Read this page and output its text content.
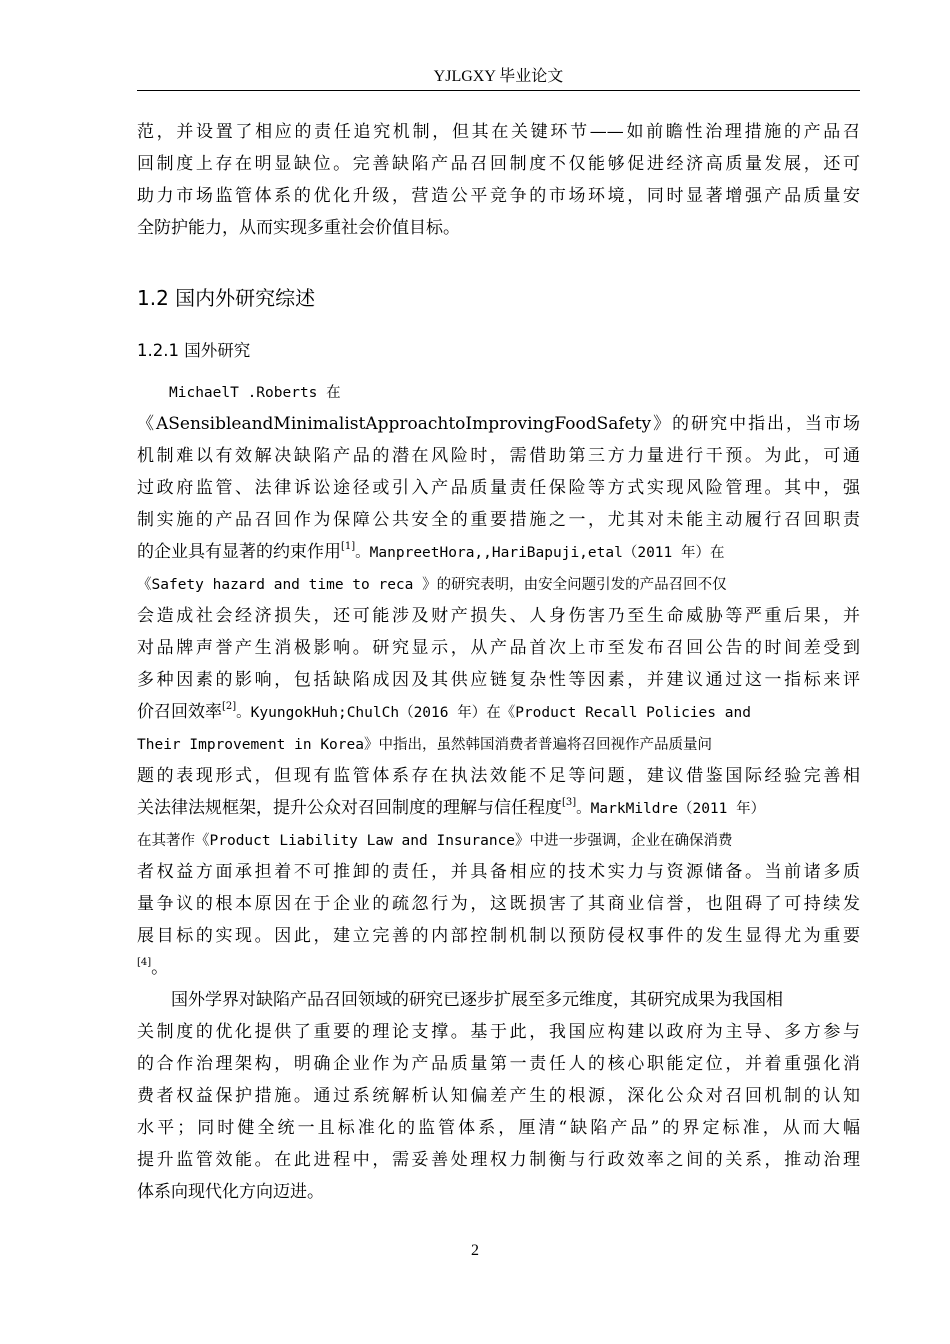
YJLGXY 毕业论文
范，并设置了相应的责任追究机制，但其在关键环节——如前瞻性治理措施的产品召
回制度上存在明显缺位。完善缺陷产品召回制度不仅能够促进经济高质量发展，还可
助力市场监管体系的优化升级，营造公平竞争的市场环境，同时显著增强产品质量安
全防护能力，从而实现多重社会价值目标。
1.2 国内外研究综述
1.2.1 国外研究
MichaelT .Roberts 在
《ASensibleandMinimalistApproachtoImprovingFoodSafety》的研究中指出，当市场
机制难以有效解决缺陷产品的潜在风险时，需借助第三方力量进行干预。为此，可通
过政府监管、法律诉讼途径或引入产品质量责任保险等方式实现风险管理。其中，强
制实施的产品召回作为保障公共安全的重要措施之一，尤其对未能主动履行召回职责
的企业具有显著的约束作用[1]。ManpreetHora,,HariBapuji,etal（2011 年）在
《Safety hazard and time to reca 》的研究表明，由安全问题引发的产品召回不仅
会造成社会经济损失，还可能涉及财产损失、人身伤害乃至生命威胁等严重后果，并
对品牌声誉产生消极影响。研究显示，从产品首次上市至发布召回公告的时间差受到
多种因素的影响，包括缺陷成因及其供应链复杂性等因素，并建议通过这一指标来评
价召回效率[2]。KyungokHuh;ChulCh（2016 年）在《Product Recall Policies and
Their Improvement in Korea》中指出，虽然韩国消费者普遍将召回视作产品质量问
题的表现形式，但现有监管体系存在执法效能不足等问题，建议借鉴国际经验完善相
关法律法规框架，提升公众对召回制度的理解与信任程度[3]。MarkMildre（2011 年）
在其著作《Product Liability Law and Insurance》中进一步强调，企业在确保消费
者权益方面承担着不可推卸的责任，并具备相应的技术实力与资源储备。当前诸多质
量争议的根本原因在于企业的疏忽行为，这既损害了其商业信誉，也阻碍了可持续发
展目标的实现。因此，建立完善的内部控制机制以预防侵权事件的发生显得尤为重要
[4]。
国外学界对缺陷产品召回领域的研究已逐步扩展至多元维度，其研究成果为我国相
关制度的优化提供了重要的理论支撑。基于此，我国应构建以政府为主导、多方参与
的合作治理架构，明确企业作为产品质量第一责任人的核心职能定位，并着重强化消
费者权益保护措施。通过系统解析认知偏差产生的根源，深化公众对召回机制的认知
水平；同时健全统一且标准化的监管体系，厘清“缺陷产品”的界定标准，从而大幅
提升监管效能。在此进程中，需妥善处理权力制衡与行政效率之间的关系，推动治理
体系向现代化方向迈进。
2
